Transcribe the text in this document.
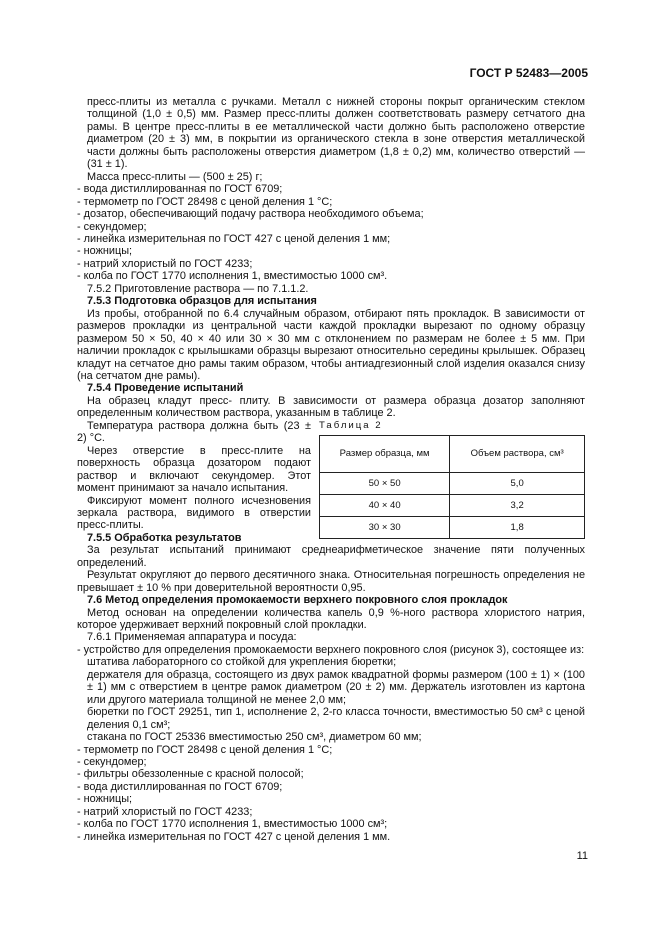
ГОСТ Р 52483—2005

пресс-плиты из металла с ручками. Металл с нижней стороны покрыт органическим стеклом толщиной (1,0 ± 0,5) мм. Размер пресс-плиты должен соответствовать размеру сетчатого дна рамы. В центре пресс-плиты в ее металлической части должно быть расположено отверстие диаметром (20 ± 3) мм, в покрытии из органического стекла в зоне отверстия металлической части должны быть расположены отверстия диаметром (1,8 ± 0,2) мм, количество отверстий — (31 ± 1).

Масса пресс-плиты — (500 ± 25) г;

- вода дистиллированная по ГОСТ 6709;

- термометр по ГОСТ 28498 с ценой деления 1 °С;

- дозатор, обеспечивающий подачу раствора необходимого объема;

- секундомер;

- линейка измерительная по ГОСТ 427 с ценой деления 1 мм;

- ножницы;

- натрий хлористый по ГОСТ 4233;

- колба по ГОСТ 1770 исполнения 1, вместимостью 1000 см³.

7.5.2 Приготовление раствора — по 7.1.1.2.

7.5.3 Подготовка образцов для испытания

Из пробы, отобранной по 6.4 случайным образом, отбирают пять прокладок. В зависимости от размеров прокладки из центральной части каждой прокладки вырезают по одному образцу размером 50 × 50, 40 × 40 или 30 × 30 мм с отклонением по размерам не более ± 5 мм. При наличии прокладок с крылышками образцы вырезают относительно середины крылышек. Образец кладут на сетчатое дно рамы таким образом, чтобы антиадгезионный слой изделия оказался снизу (на сетчатом дне рамы).

7.5.4 Проведение испытаний

На образец кладут пресс- плиту. В зависимости от размера образца дозатор заполняют определенным количеством раствора, указанным в таблице 2.

Таблица 2
Размер образца, мм	Объем раствора, см³
50 × 50	5,0
40 × 40	3,2
30 × 30	1,8

Температура раствора должна быть (23 ± 2) °С.

Через отверстие в пресс-плите на поверхность образца дозатором подают раствор и включают секундомер. Этот момент принимают за начало испытания.

Фиксируют момент полного исчезновения зеркала раствора, видимого в отверстии пресс-плиты.

7.5.5 Обработка результатов

За результат испытаний принимают среднеарифметическое значение пяти полученных определений.

Результат округляют до первого десятичного знака. Относительная погрешность определения не превышает ± 10 % при доверительной вероятности 0,95.

7.6 Метод определения промокаемости верхнего покровного слоя прокладок

Метод основан на определении количества капель 0,9 %-ного раствора хлористого натрия, которое удерживает верхний покровный слой прокладки.

7.6.1 Применяемая аппаратура и посуда:

- устройство для определения промокаемости верхнего покровного слоя (рисунок 3), состоящее из:

штатива лабораторного со стойкой для укрепления бюретки;

держателя для образца, состоящего из двух рамок квадратной формы размером (100 ± 1) × (100 ± 1) мм с отверстием в центре рамок диаметром (20 ± 2) мм. Держатель изготовлен из картона или другого материала толщиной не менее 2,0 мм;

бюретки по ГОСТ 29251, тип 1, исполнение 2, 2-го класса точности, вместимостью 50 см³ с ценой деления 0,1 см³;

стакана по ГОСТ 25336 вместимостью 250 см³, диаметром 60 мм;

- термометр по ГОСТ 28498 с ценой деления 1 °С;

- секундомер;

- фильтры обеззоленные с красной полосой;

- вода дистиллированная по ГОСТ 6709;

- ножницы;

- натрий хлористый по ГОСТ 4233;

- колба по ГОСТ 1770 исполнения 1, вместимостью 1000 см³;

- линейка измерительная по ГОСТ 427 с ценой деления 1 мм.

11
